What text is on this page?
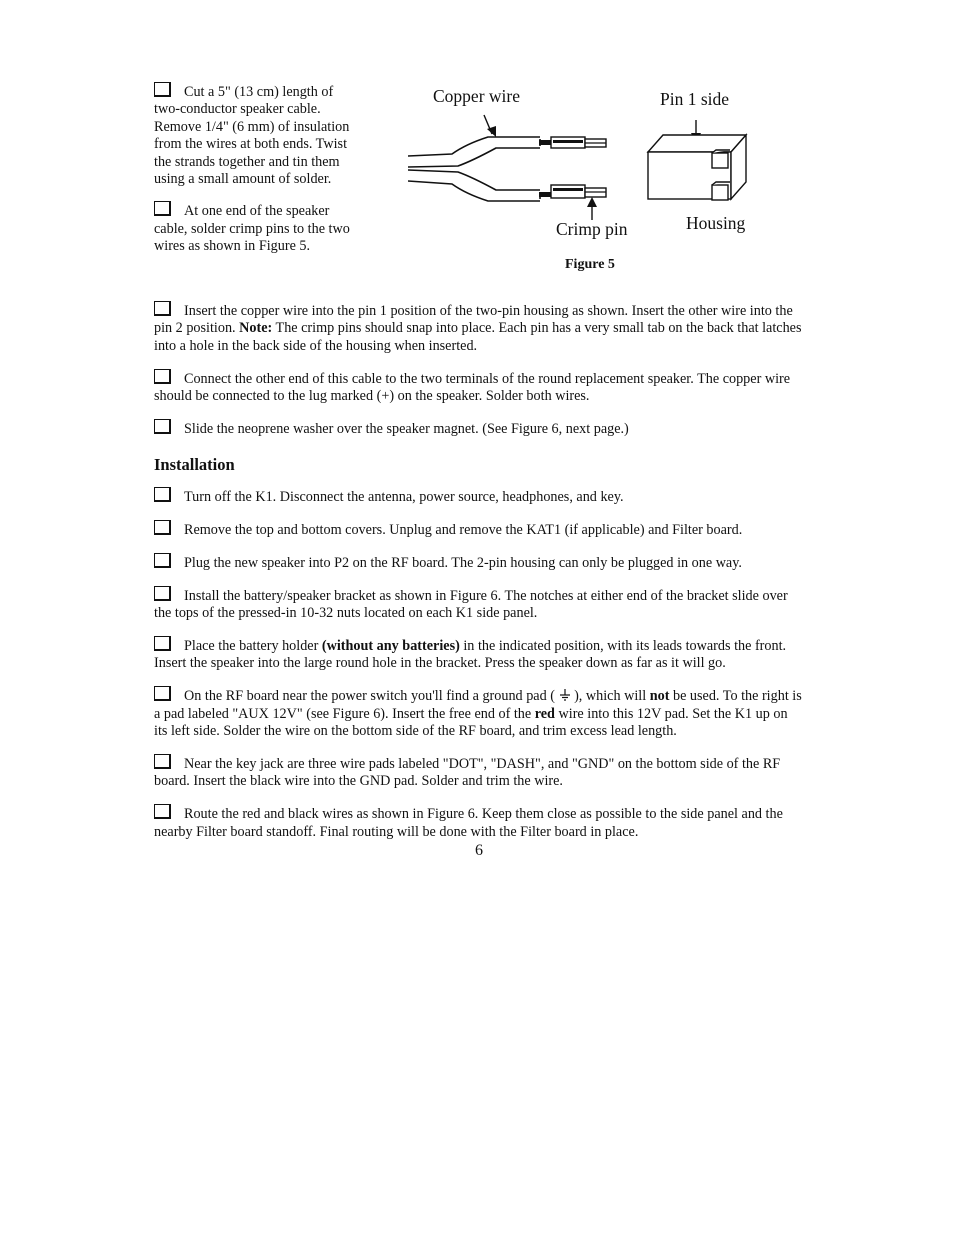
Cut a 5" (13 cm) length of two-conductor speaker cable. Remove 1/4" (6 mm) of insulation from the wires at both ends. Twist the strands together and tin them using a small amount of solder.

At one end of the speaker cable, solder crimp pins to the two wires as shown in Figure 5.

Copper wire	Pin 1 side
Crimp pin	Housing
Figure 5

Insert the copper wire into the pin 1 position of the two-pin housing as shown. Insert the other wire into the pin 2 position. Note: The crimp pins should snap into place. Each pin has a very small tab on the back that latches into a hole in the back side of the housing when inserted.

Connect the other end of this cable to the two terminals of the round replacement speaker. The copper wire should be connected to the lug marked (+) on the speaker. Solder both wires.

Slide the neoprene washer over the speaker magnet. (See Figure 6, next page.)

Installation

Turn off the K1. Disconnect the antenna, power source, headphones, and key.

Remove the top and bottom covers. Unplug and remove the KAT1 (if applicable) and Filter board.

Plug the new speaker into P2 on the RF board. The 2-pin housing can only be plugged in one way.

Install the battery/speaker bracket as shown in Figure 6. The notches at either end of the bracket slide over the tops of the pressed-in 10-32 nuts located on each K1 side panel.

Place the battery holder (without any batteries) in the indicated position, with its leads towards the front. Insert the speaker into the large round hole in the bracket. Press the speaker down as far as it will go.

On the RF board near the power switch you'll find a ground pad (  ), which will not be used. To the right is a pad labeled "AUX 12V" (see Figure 6). Insert the free end of the red wire into this 12V pad. Set the K1 up on its left side. Solder the wire on the bottom side of the RF board, and trim excess lead length.

Near the key jack are three wire pads labeled "DOT", "DASH", and "GND" on the bottom side of the RF board. Insert the black wire into the GND pad. Solder and trim the wire.

Route the red and black wires as shown in Figure 6. Keep them close as possible to the side panel and the nearby Filter board standoff. Final routing will be done with the Filter board in place.

6
